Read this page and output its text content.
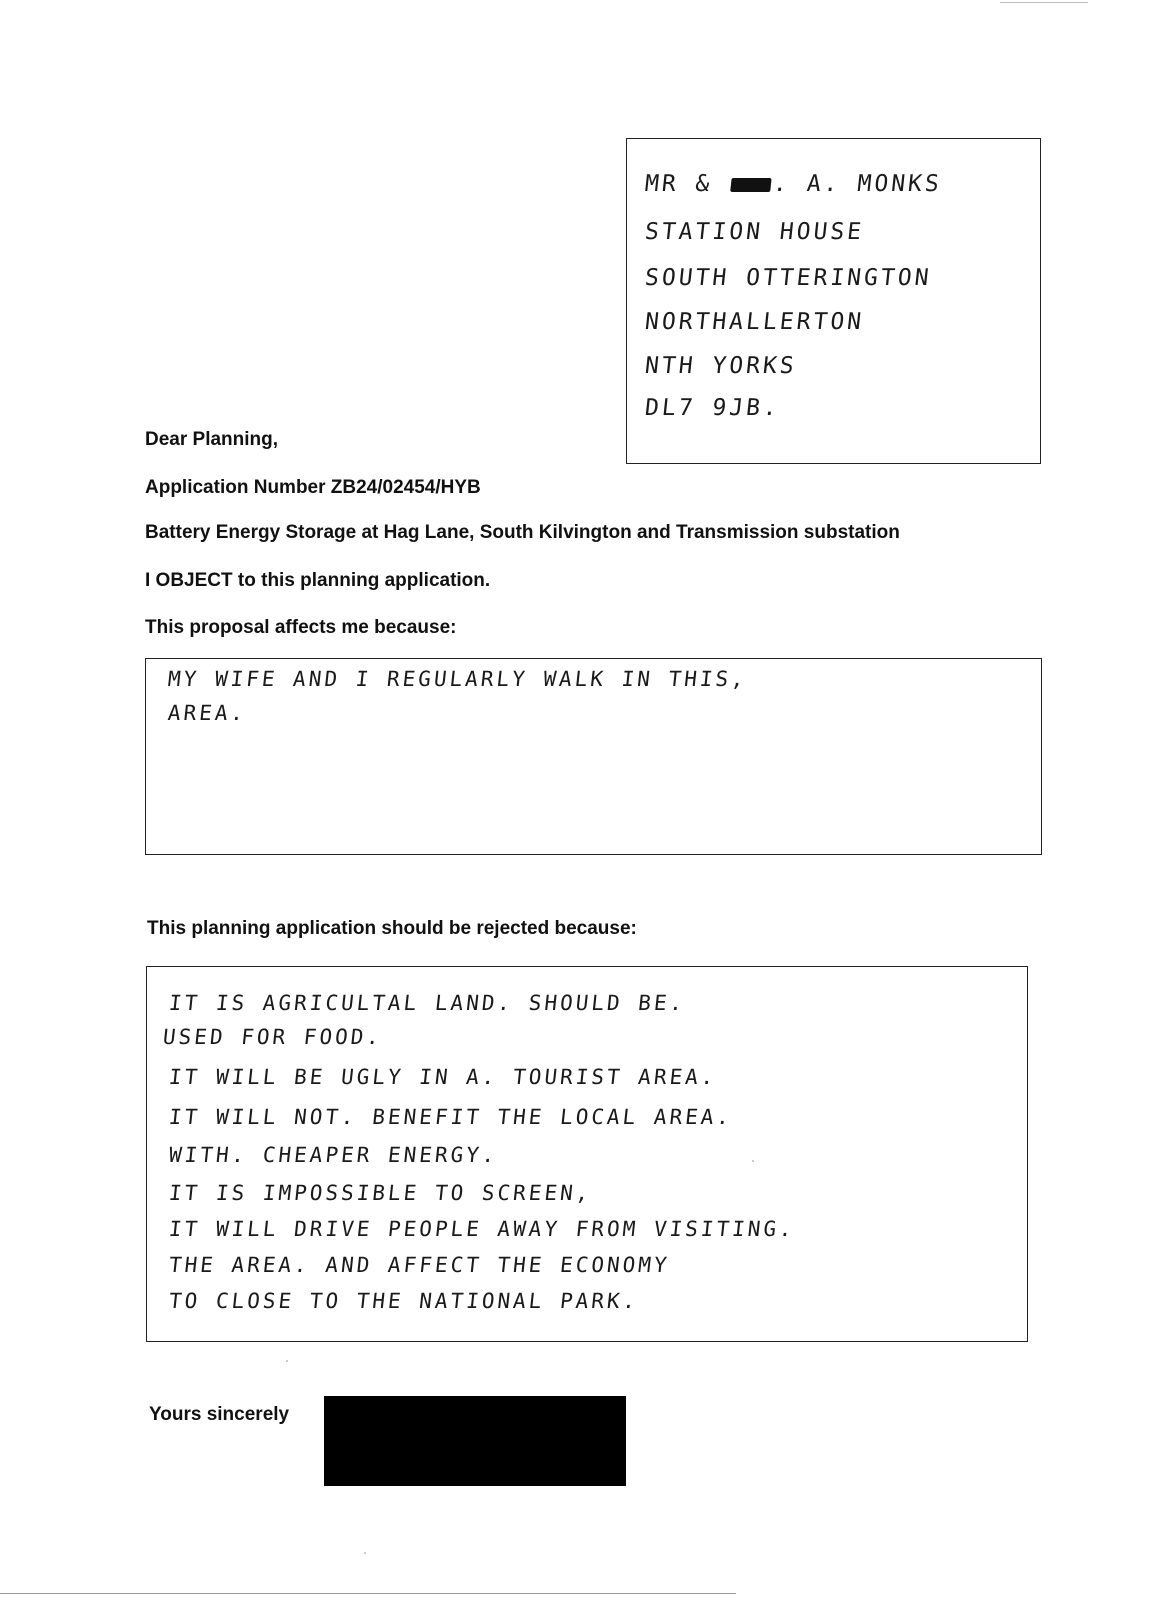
MR & . A. MONKS
STATION HOUSE
SOUTH OTTERINGTON
NORTHALLERTON
NTH YORKS
DL7 9JB.
Dear Planning,
Application Number ZB24/02454/HYB
Battery Energy Storage at Hag Lane, South Kilvington and Transmission substation
I OBJECT to this planning application.
This proposal affects me because:
MY WIFE AND I REGULARLY WALK IN THIS,
AREA.
This planning application should be rejected because:
IT IS AGRICULTAL LAND. SHOULD BE.
USED FOR FOOD.
IT WILL BE UGLY IN A. TOURIST AREA.
IT WILL NOT. BENEFIT THE LOCAL AREA.
WITH. CHEAPER ENERGY.
IT IS IMPOSSIBLE TO SCREEN,
IT WILL DRIVE PEOPLE AWAY FROM VISITING.
THE AREA. AND AFFECT THE ECONOMY
TO CLOSE TO THE NATIONAL PARK.
Yours sincerely
